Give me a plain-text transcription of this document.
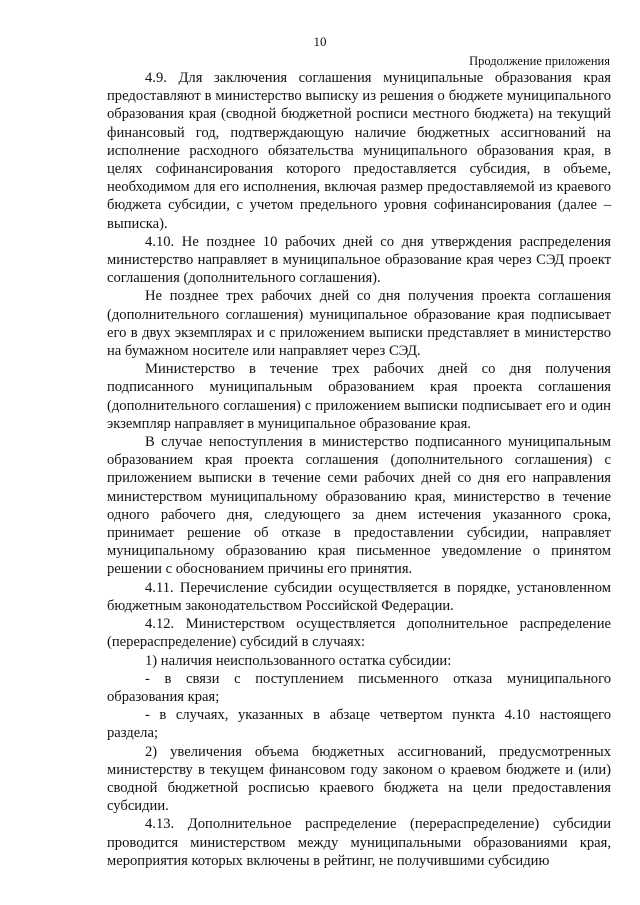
10
Продолжение приложения

4.9. Для заключения соглашения муниципальные образования края предоставляют в министерство выписку из решения о бюджете муниципального образования края (сводной бюджетной росписи местного бюджета) на текущий финансовый год, подтверждающую наличие бюджетных ассигнований на исполнение расходного обязательства муниципального образования края, в целях софинансирования которого предоставляется субсидия, в объеме, необходимом для его исполнения, включая размер предоставляемой из краевого бюджета субсидии, с учетом предельного уровня софинансирования (далее – выписка).

4.10. Не позднее 10 рабочих дней со дня утверждения распределения министерство направляет в муниципальное образование края через СЭД проект соглашения (дополнительного соглашения).

Не позднее трех рабочих дней со дня получения проекта соглашения (дополнительного соглашения) муниципальное образование края подписывает его в двух экземплярах и с приложением выписки представляет в министерство на бумажном носителе или направляет через СЭД.

Министерство в течение трех рабочих дней со дня получения подписанного муниципальным образованием края проекта соглашения (дополнительного соглашения) с приложением выписки подписывает его и один экземпляр направляет в муниципальное образование края.

В случае непоступления в министерство подписанного муниципальным образованием края проекта соглашения (дополнительного соглашения) с приложением выписки в течение семи рабочих дней со дня его направления министерством муниципальному образованию края, министерство в течение одного рабочего дня, следующего за днем истечения указанного срока, принимает решение об отказе в предоставлении субсидии, направляет муниципальному образованию края письменное уведомление о принятом решении с обоснованием причины его принятия.

4.11. Перечисление субсидии осуществляется в порядке, установленном бюджетным законодательством Российской Федерации.

4.12. Министерством осуществляется дополнительное распределение (перераспределение) субсидий в случаях:

1) наличия неиспользованного остатка субсидии:

- в связи с поступлением письменного отказа муниципального образования края;

- в случаях, указанных в абзаце четвертом пункта 4.10 настоящего раздела;

2) увеличения объема бюджетных ассигнований, предусмотренных министерству в текущем финансовом году законом о краевом бюджете и (или) сводной бюджетной росписью краевого бюджета на цели предоставления субсидии.

4.13. Дополнительное распределение (перераспределение) субсидии проводится министерством между муниципальными образованиями края, мероприятия которых включены в рейтинг, не получившими субсидию
